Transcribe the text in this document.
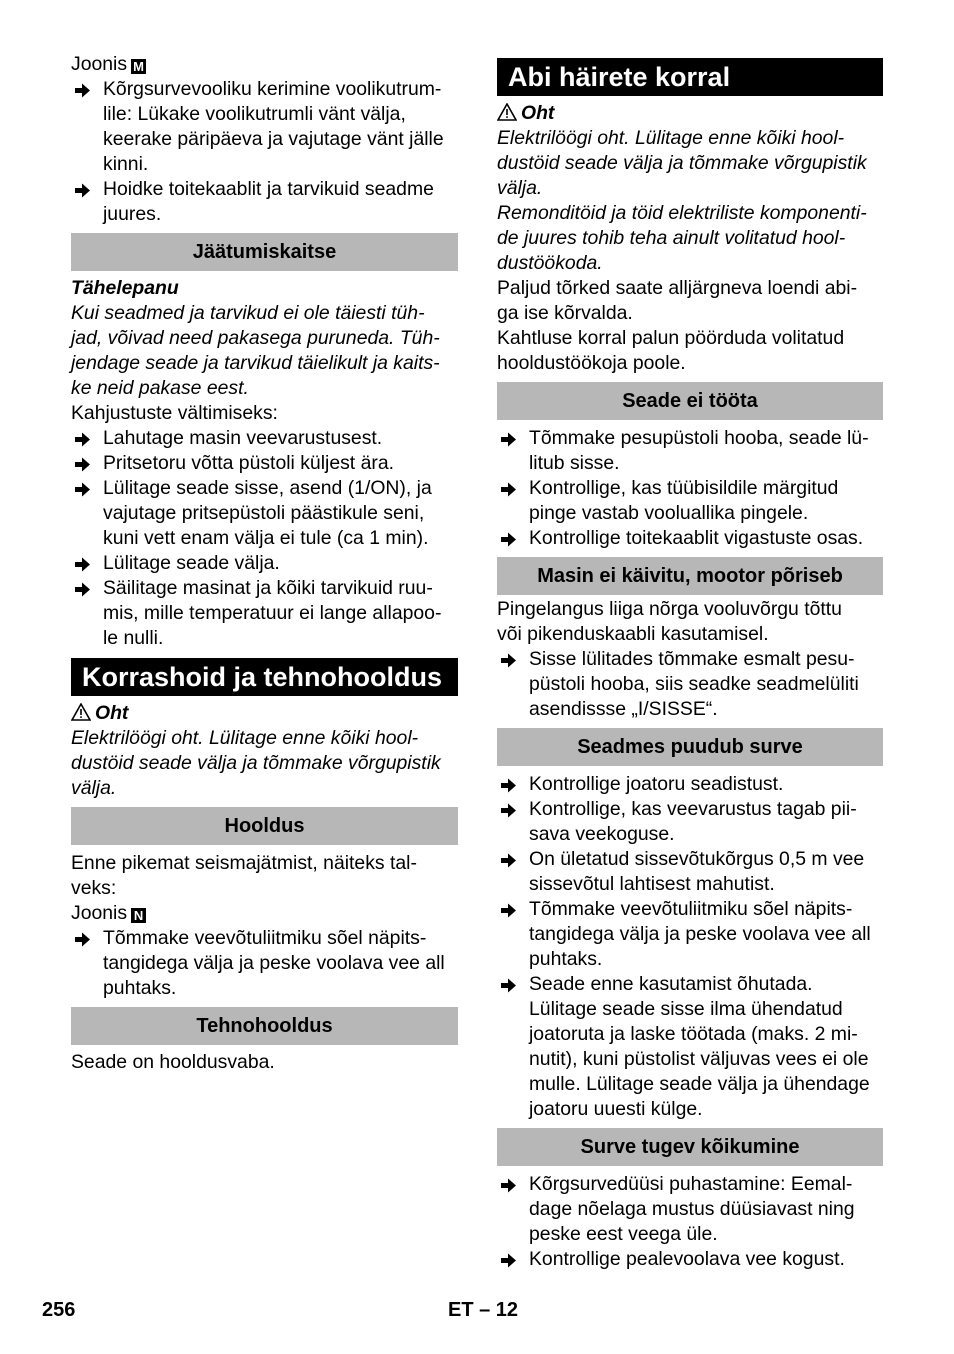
Joonis M

Kõrgsurvevooliku kerimine voolikutrum-
lile: Lükake voolikutrumli vänt välja,
keerake päripäeva ja vajutage vänt jälle
kinni.
Hoidke toitekaablit ja tarvikuid seadme
juures.
Jäätumiskaitse

Tähelepanu

Kui seadmed ja tarvikud ei ole täiesti tüh-
jad, võivad need pakasega puruneda. Tüh-
jendage seade ja tarvikud täielikult ja kaits-
ke neid pakase eest.

Kahjustuste vältimiseks:

Lahutage masin veevarustusest.
Pritsetoru võtta püstoli küljest ära.
Lülitage seade sisse, asend (1/ON), ja
vajutage pritsepüstoli päästikule seni,
kuni vett enam välja ei tule (ca 1 min).
Lülitage seade välja.
Säilitage masinat ja kõiki tarvikuid ruu-
mis, mille temperatuur ei lange allapoo-
le nulli.
Korrashoid ja tehnohooldus

Oht

Elektrilöögi oht. Lülitage enne kõiki hool-
dustöid seade välja ja tõmmake võrgupistik
välja.
Hooldus
Enne pikemat seismajätmist, näiteks tal-
veks:

Joonis N

Tõmmake veevõtuliitmiku sõel näpits-
tangidega välja ja peske voolava vee all
puhtaks.
Tehnohooldus

Seade on hooldusvaba.

Abi häirete korral

Oht

Elektrilöögi oht. Lülitage enne kõiki hool-
dustöid seade välja ja tõmmake võrgupistik
välja.
Remonditöid ja töid elektriliste komponenti-
de juures tohib teha ainult volitatud hool-
dustöökoda.
Paljud tõrked saate alljärgneva loendi abi-
ga ise kõrvalda.
Kahtluse korral palun pöörduda volitatud
hooldustöökoja poole.
Seade ei tööta
Tõmmake pesupüstoli hooba, seade lü-
litub sisse.
Kontrollige, kas tüübisildile märgitud
pinge vastab vooluallika pingele.
Kontrollige toitekaablit vigastuste osas.
Masin ei käivitu, mootor põriseb
Pingelangus liiga nõrga vooluvõrgu tõttu
või pikenduskaabli kasutamisel.
Sisse lülitades tõmmake esmalt pesu-
püstoli hooba, siis seadke seadmelüliti
asendissse „I/SISSE“.
Seadmes puudub surve
Kontrollige joatoru seadistust.
Kontrollige, kas veevarustus tagab pii-
sava veekoguse.
On ületatud sissevõtukõrgus 0,5 m vee
sissevõtul lahtisest mahutist.
Tõmmake veevõtuliitmiku sõel näpits-
tangidega välja ja peske voolava vee all
puhtaks.
Seade enne kasutamist õhutada.
Lülitage seade sisse ilma ühendatud
joatoruta ja laske töötada (maks. 2 mi-
nutit), kuni püstolist väljuvas vees ei ole
mulle. Lülitage seade välja ja ühendage
joatoru uuesti külge.
Surve tugev kõikumine
Kõrgsurvedüüsi puhastamine: Eemal-
dage nõelaga mustus düüsiavast ning
peske eest veega üle.
Kontrollige pealevoolava vee kogust.
256	ET – 12
